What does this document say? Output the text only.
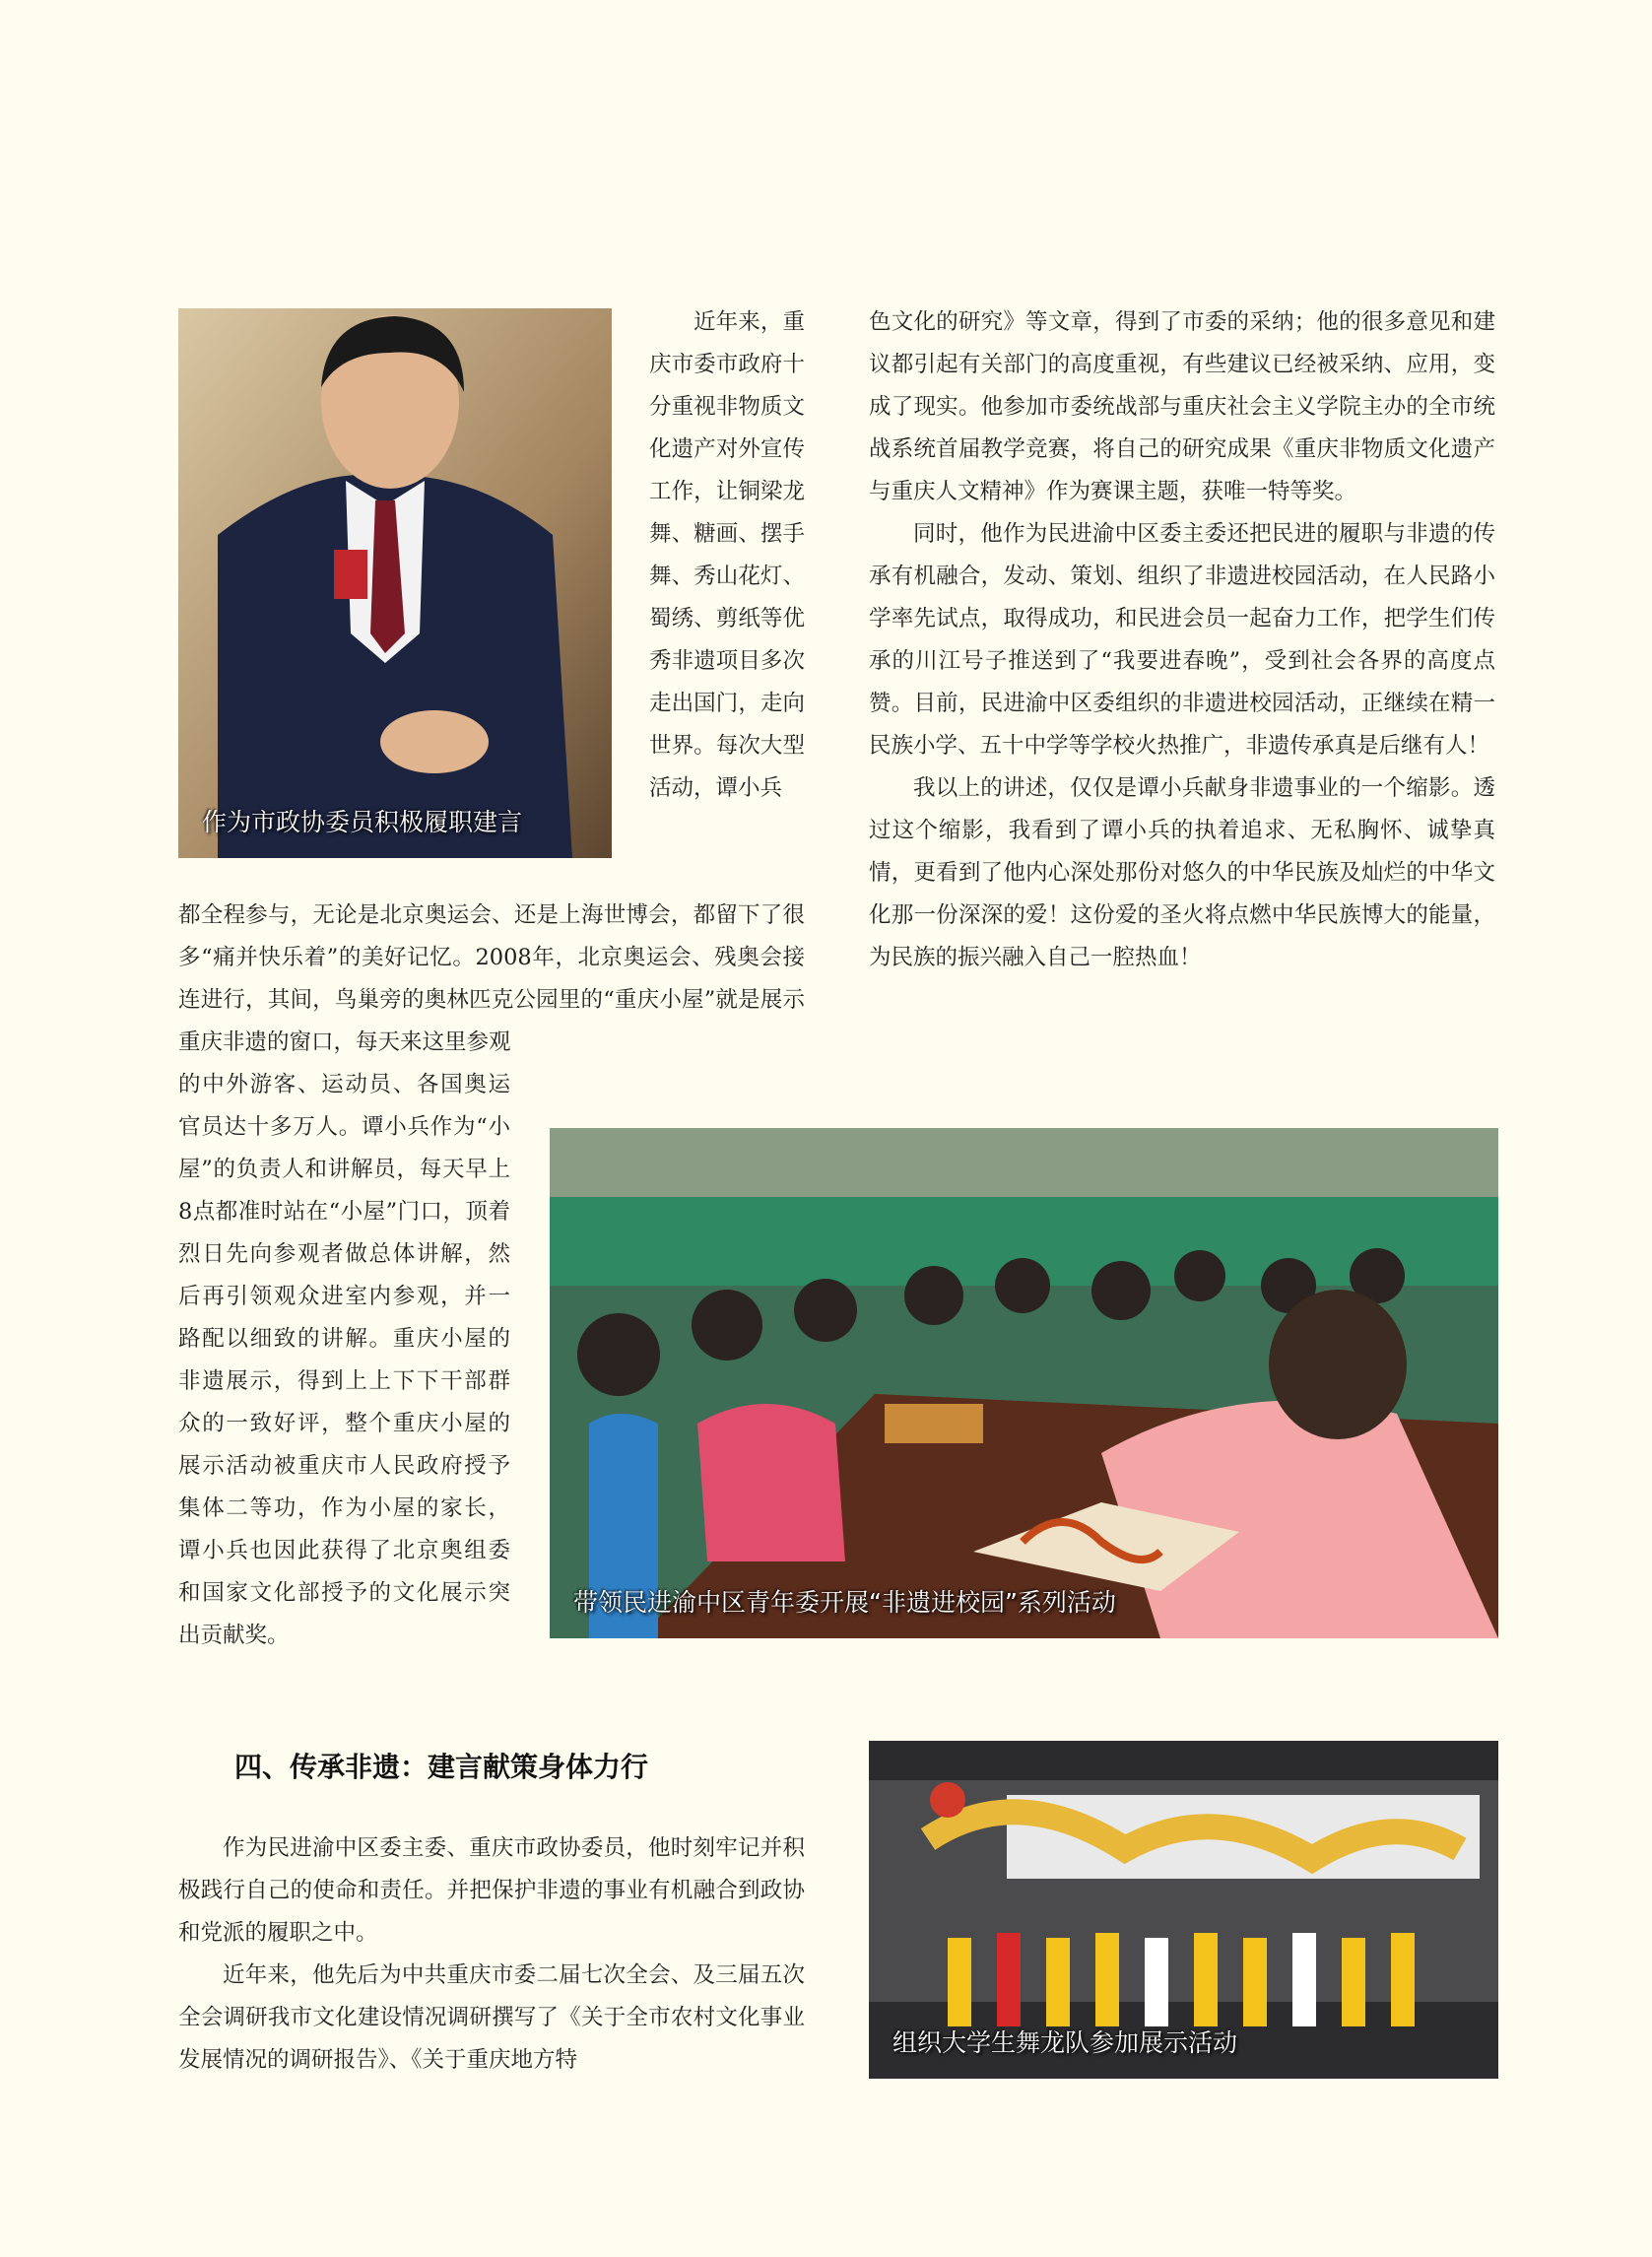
作为市政协委员积极履职建言

近年来，重庆市委市政府十分重视非物质文化遗产对外宣传工作，让铜梁龙舞、糖画、摆手舞、秀山花灯、蜀绣、剪纸等优秀非遗项目多次走出国门，走向世界。每次大型活动，谭小兵

都全程参与，无论是北京奥运会、还是上海世博会，都留下了很多“痛并快乐着”的美好记忆。2008年，北京奥运会、残奥会接连进行，其间，鸟巢旁的奥林匹克公园里的“重庆小屋”就是展示重庆非遗的窗口，每天来这里参观

的中外游客、运动员、各国奥运官员达十多万人。谭小兵作为“小屋”的负责人和讲解员，每天早上8点都准时站在“小屋”门口，顶着烈日先向参观者做总体讲解，然后再引领观众进室内参观，并一路配以细致的讲解。重庆小屋的非遗展示，得到上上下下干部群众的一致好评，整个重庆小屋的展示活动被重庆市人民政府授予集体二等功，作为小屋的家长，谭小兵也因此获得了北京奥组委和国家文化部授予的文化展示突出贡献奖。

色文化的研究》等文章，得到了市委的采纳；他的很多意见和建议都引起有关部门的高度重视，有些建议已经被采纳、应用，变成了现实。他参加市委统战部与重庆社会主义学院主办的全市统战系统首届教学竞赛，将自己的研究成果《重庆非物质文化遗产与重庆人文精神》作为赛课主题，获唯一特等奖。

同时，他作为民进渝中区委主委还把民进的履职与非遗的传承有机融合，发动、策划、组织了非遗进校园活动，在人民路小学率先试点，取得成功，和民进会员一起奋力工作，把学生们传承的川江号子推送到了“我要进春晚”，受到社会各界的高度点赞。目前，民进渝中区委组织的非遗进校园活动，正继续在精一民族小学、五十中学等学校火热推广，非遗传承真是后继有人！

我以上的讲述，仅仅是谭小兵献身非遗事业的一个缩影。透过这个缩影，我看到了谭小兵的执着追求、无私胸怀、诚挚真情，更看到了他内心深处那份对悠久的中华民族及灿烂的中华文化那一份深深的爱！这份爱的圣火将点燃中华民族博大的能量，为民族的振兴融入自己一腔热血！

带领民进渝中区青年委开展“非遗进校园”系列活动
四、传承非遗：建言献策身体力行

作为民进渝中区委主委、重庆市政协委员，他时刻牢记并积极践行自己的使命和责任。并把保护非遗的事业有机融合到政协和党派的履职之中。

近年来，他先后为中共重庆市委二届七次全会、及三届五次全会调研我市文化建设情况调研撰写了《关于全市农村文化事业发展情况的调研报告》、《关于重庆地方特

组织大学生舞龙队参加展示活动
